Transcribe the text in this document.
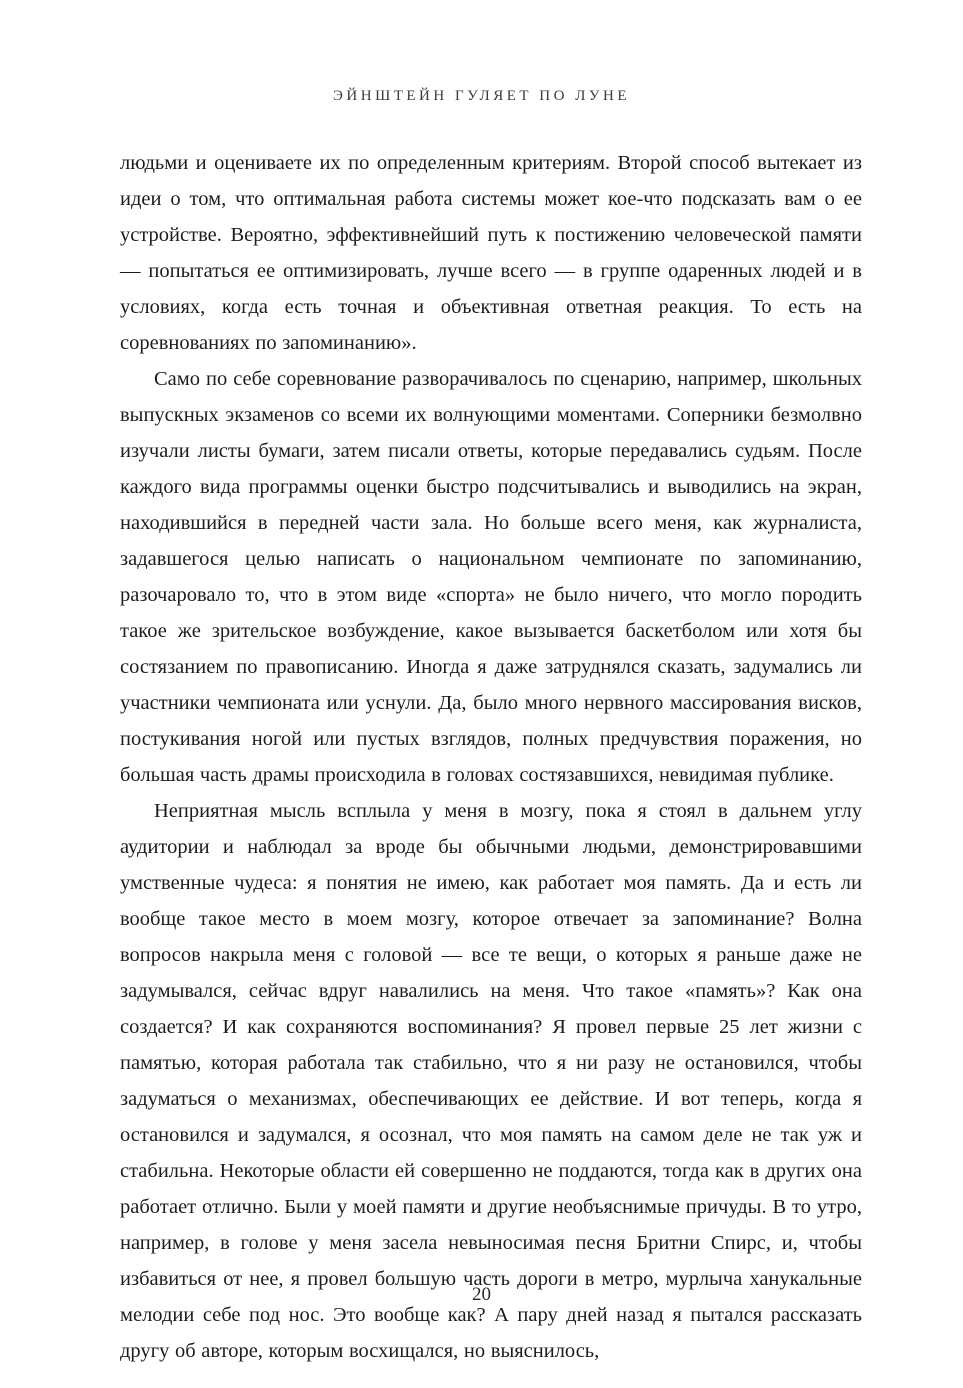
ЭЙНШТЕЙН ГУЛЯЕТ ПО ЛУНЕ

людьми и оцениваете их по определенным критериям. Второй способ вытекает из идеи о том, что оптимальная работа системы может кое-что подсказать вам о ее устройстве. Вероятно, эффективнейший путь к постижению человеческой памяти — попытаться ее оптимизировать, лучше всего — в группе одаренных людей и в условиях, когда есть точная и объективная ответная реакция. То есть на соревнованиях по запоминанию».

Само по себе соревнование разворачивалось по сценарию, например, школьных выпускных экзаменов со всеми их волнующими моментами. Соперники безмолвно изучали листы бумаги, затем писали ответы, которые передавались судьям. После каждого вида программы оценки быстро подсчитывались и выводились на экран, находившийся в передней части зала. Но больше всего меня, как журналиста, задавшегося целью написать о национальном чемпионате по запоминанию, разочаровало то, что в этом виде «спорта» не было ничего, что могло породить такое же зрительское возбуждение, какое вызывается баскетболом или хотя бы состязанием по правописанию. Иногда я даже затруднялся сказать, задумались ли участники чемпионата или уснули. Да, было много нервного массирования висков, постукивания ногой или пустых взглядов, полных предчувствия поражения, но большая часть драмы происходила в головах состязавшихся, невидимая публике.

Неприятная мысль всплыла у меня в мозгу, пока я стоял в дальнем углу аудитории и наблюдал за вроде бы обычными людьми, демонстрировавшими умственные чудеса: я понятия не имею, как работает моя память. Да и есть ли вообще такое место в моем мозгу, которое отвечает за запоминание? Волна вопросов накрыла меня с головой — все те вещи, о которых я раньше даже не задумывался, сейчас вдруг навалились на меня. Что такое «память»? Как она создается? И как сохраняются воспоминания? Я провел первые 25 лет жизни с памятью, которая работала так стабильно, что я ни разу не остановился, чтобы задуматься о механизмах, обеспечивающих ее действие. И вот теперь, когда я остановился и задумался, я осознал, что моя память на самом деле не так уж и стабильна. Некоторые области ей совершенно не поддаются, тогда как в других она работает отлично. Были у моей памяти и другие необъяснимые причуды. В то утро, например, в голове у меня засела невыносимая песня Бритни Спирс, и, чтобы избавиться от нее, я провел большую часть дороги в метро, мурлыча ханукальные мелодии себе под нос. Это вообще как? А пару дней назад я пытался рассказать другу об авторе, которым восхищался, но выяснилось,

20
